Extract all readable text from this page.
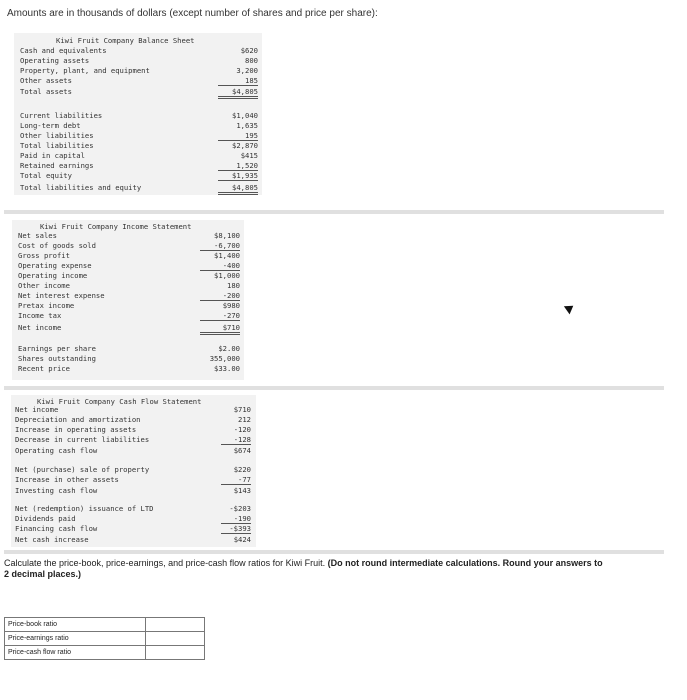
Amounts are in thousands of dollars (except number of shares and price per share):
Kiwi Fruit Company Balance Sheet
Cash and equivalents	$620
Operating assets	800
Property, plant, and equipment	3,200
Other assets	185
Total assets	$4,805
Current liabilities	$1,040
Long-term debt	1,635
Other liabilities	195
Total liabilities	$2,870
Paid in capital	$415
Retained earnings	1,520
Total equity	$1,935
Total liabilities and equity	$4,805
Kiwi Fruit Company Income Statement
Net sales	$8,100
Cost of goods sold	-6,700
Gross profit	$1,400
Operating expense	-400
Operating income	$1,000
Other income	180
Net interest expense	-200
Pretax income	$980
Income tax	-270
Net income	$710
Earnings per share	$2.00
Shares outstanding	355,000
Recent price	$33.00
Kiwi Fruit Company Cash Flow Statement
Net income	$710
Depreciation and amortization	212
Increase in operating assets	-120
Decrease in current liabilities	-128
Operating cash flow	$674
Net (purchase) sale of property	$220
Increase in other assets	-77
Investing cash flow	$143
Net (redemption) issuance of LTD	-$203
Dividends paid	-190
Financing cash flow	-$393
Net cash increase	$424
Calculate the price-book, price-earnings, and price-cash flow ratios for Kiwi Fruit. (Do not round intermediate calculations. Round your answers to 2 decimal places.)
Price-book ratio	
Price-earnings ratio	
Price-cash flow ratio	
